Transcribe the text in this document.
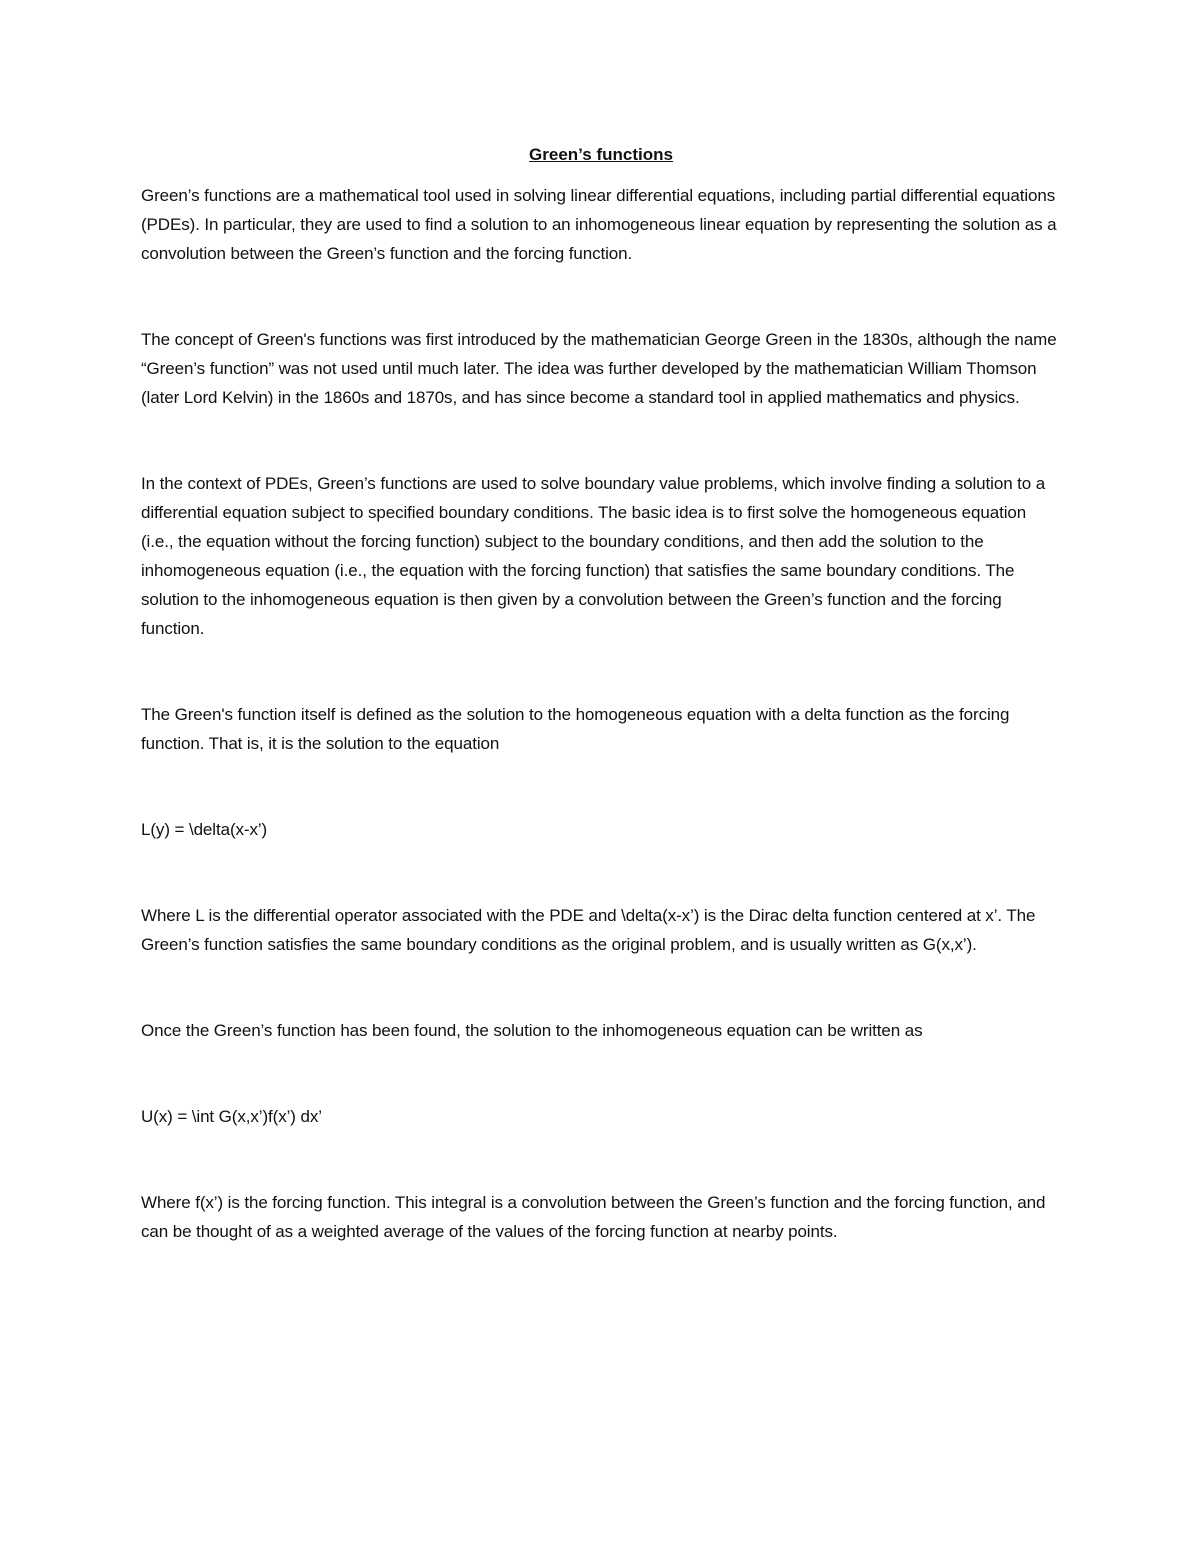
Green’s functions

Green’s functions are a mathematical tool used in solving linear differential equations, including partial differential equations (PDEs). In particular, they are used to find a solution to an inhomogeneous linear equation by representing the solution as a convolution between the Green’s function and the forcing function.

The concept of Green's functions was first introduced by the mathematician George Green in the 1830s, although the name “Green’s function” was not used until much later. The idea was further developed by the mathematician William Thomson (later Lord Kelvin) in the 1860s and 1870s, and has since become a standard tool in applied mathematics and physics.

In the context of PDEs, Green’s functions are used to solve boundary value problems, which involve finding a solution to a differential equation subject to specified boundary conditions. The basic idea is to first solve the homogeneous equation (i.e., the equation without the forcing function) subject to the boundary conditions, and then add the solution to the inhomogeneous equation (i.e., the equation with the forcing function) that satisfies the same boundary conditions. The solution to the inhomogeneous equation is then given by a convolution between the Green’s function and the forcing function.

The Green's function itself is defined as the solution to the homogeneous equation with a delta function as the forcing function. That is, it is the solution to the equation

L(y) = \delta(x-x’)

Where L is the differential operator associated with the PDE and \delta(x-x’) is the Dirac delta function centered at x’. The Green’s function satisfies the same boundary conditions as the original problem, and is usually written as G(x,x’).

Once the Green’s function has been found, the solution to the inhomogeneous equation can be written as

U(x) = \int G(x,x’)f(x’) dx’

Where f(x’) is the forcing function. This integral is a convolution between the Green’s function and the forcing function, and can be thought of as a weighted average of the values of the forcing function at nearby points.
